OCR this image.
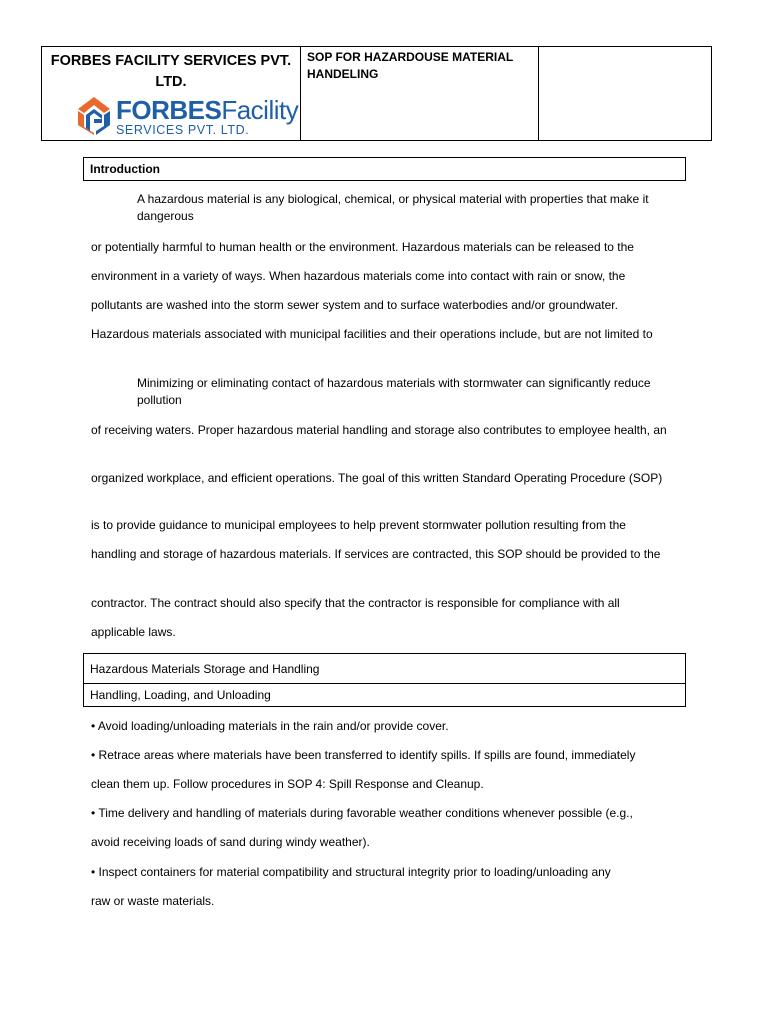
FORBES FACILITY SERVICES PVT. LTD.
FORBESFacility
SERVICES PVT. LTD.
SOP FOR HAZARDOUSE MATERIAL HANDELING
Introduction
A hazardous material is any biological, chemical, or physical material with properties that make it dangerous
or potentially harmful to human health or the environment. Hazardous materials can be released to the
environment in a variety of ways. When hazardous materials come into contact with rain or snow, the
pollutants are washed into the storm sewer system and to surface waterbodies and/or groundwater.
Hazardous materials associated with municipal facilities and their operations include, but are not limited to
Minimizing or eliminating contact of hazardous materials with stormwater can significantly reduce pollution
of receiving waters. Proper hazardous material handling and storage also contributes to employee health, an
organized workplace, and efficient operations. The goal of this written Standard Operating Procedure (SOP)
is to provide guidance to municipal employees to help prevent stormwater pollution resulting from the
handling and storage of hazardous materials. If services are contracted, this SOP should be provided to the
contractor. The contract should also specify that the contractor is responsible for compliance with all
applicable laws.
Hazardous Materials Storage and Handling
Handling, Loading, and Unloading
• Avoid loading/unloading materials in the rain and/or provide cover.
• Retrace areas where materials have been transferred to identify spills. If spills are found, immediately
clean them up. Follow procedures in SOP 4: Spill Response and Cleanup.
• Time delivery and handling of materials during favorable weather conditions whenever possible (e.g.,
avoid receiving loads of sand during windy weather).
• Inspect containers for material compatibility and structural integrity prior to loading/unloading any
raw or waste materials.
